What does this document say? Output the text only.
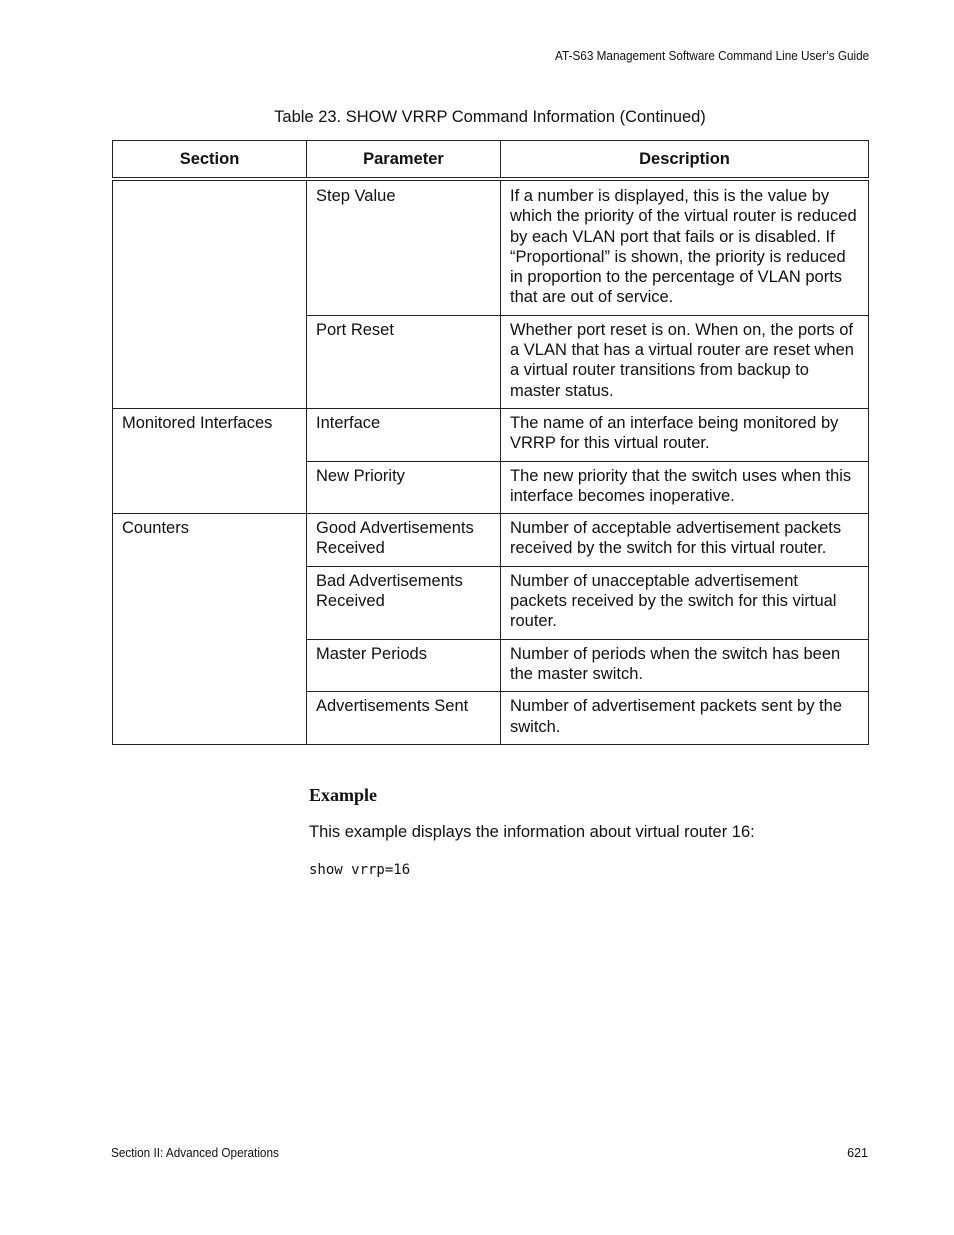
AT-S63 Management Software Command Line User’s Guide
Table 23. SHOW VRRP Command Information (Continued)
Section	Parameter	Description
	Step Value	If a number is displayed, this is the value by which the priority of the virtual router is reduced by each VLAN port that fails or is disabled. If “Proportional” is shown, the priority is reduced in proportion to the percentage of VLAN ports that are out of service.
	Port Reset	Whether port reset is on. When on, the ports of a VLAN that has a virtual router are reset when a virtual router transitions from backup to master status.
Monitored Interfaces	Interface	The name of an interface being monitored by VRRP for this virtual router.
	New Priority	The new priority that the switch uses when this interface becomes inoperative.
Counters	Good Advertisements Received	Number of acceptable advertisement packets received by the switch for this virtual router.
	Bad Advertisements Received	Number of unacceptable advertisement packets received by the switch for this virtual router.
	Master Periods	Number of periods when the switch has been the master switch.
	Advertisements Sent	Number of advertisement packets sent by the switch.
Example
This example displays the information about virtual router 16:
show vrrp=16
Section II: Advanced Operations	621
